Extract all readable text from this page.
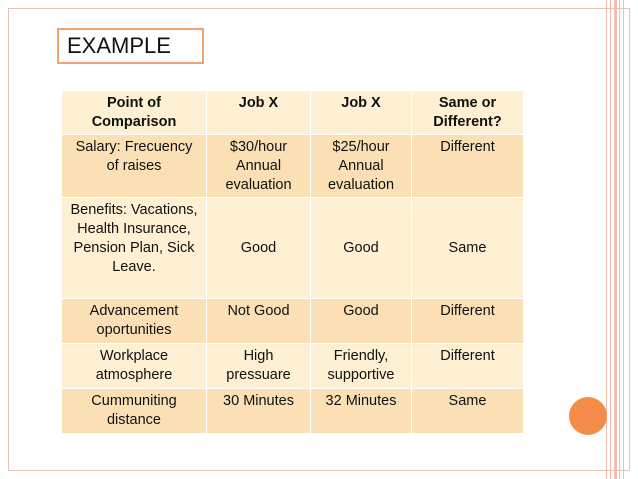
EXAMPLE
Point of Comparison	Job X	Job X	Same or Different?
Salary: Frecuency of raises	$30/hour Annual evaluation	$25/hour Annual evaluation	Different
Benefits: Vacations, Health Insurance, Pension Plan, Sick Leave.	Good	Good	Same
Advancement oportunities	Not Good	Good	Different
Workplace atmosphere	High pressuare	Friendly, supportive	Different
Cummuniting distance	30 Minutes	32 Minutes	Same
